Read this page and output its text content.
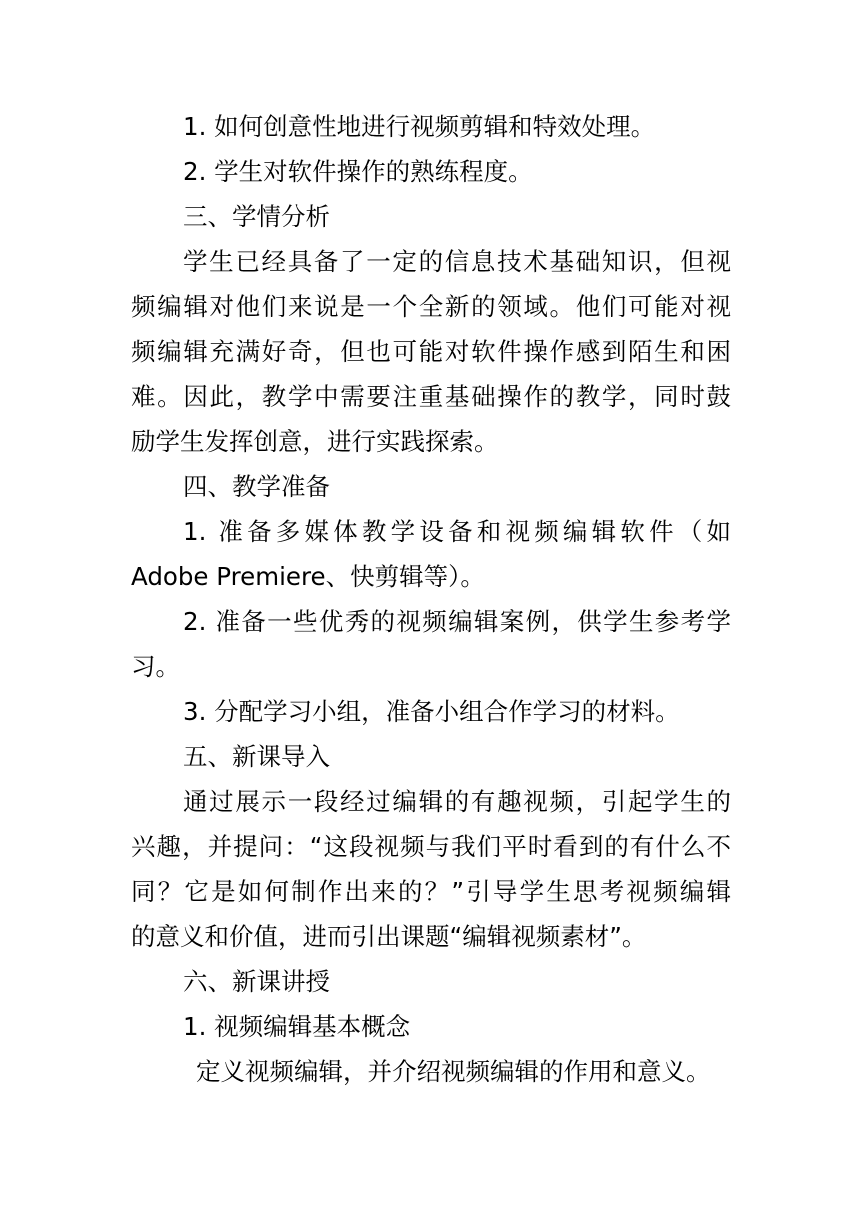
1. 如何创意性地进行视频剪辑和特效处理。
2. 学生对软件操作的熟练程度。
三、学情分析
学生已经具备了一定的信息技术基础知识，但视
频编辑对他们来说是一个全新的领域。他们可能对视
频编辑充满好奇，但也可能对软件操作感到陌生和困
难。因此，教学中需要注重基础操作的教学，同时鼓
励学生发挥创意，进行实践探索。
四、教学准备
1. 准备多媒体教学设备和视频编辑软件（如
Adobe Premiere、快剪辑等）。
2. 准备一些优秀的视频编辑案例，供学生参考学
习。
3. 分配学习小组，准备小组合作学习的材料。
五、新课导入
通过展示一段经过编辑的有趣视频，引起学生的
兴趣，并提问：“这段视频与我们平时看到的有什么不
同？它是如何制作出来的？”引导学生思考视频编辑
的意义和价值，进而引出课题“编辑视频素材”。
六、新课讲授
1. 视频编辑基本概念
定义视频编辑，并介绍视频编辑的作用和意义。
